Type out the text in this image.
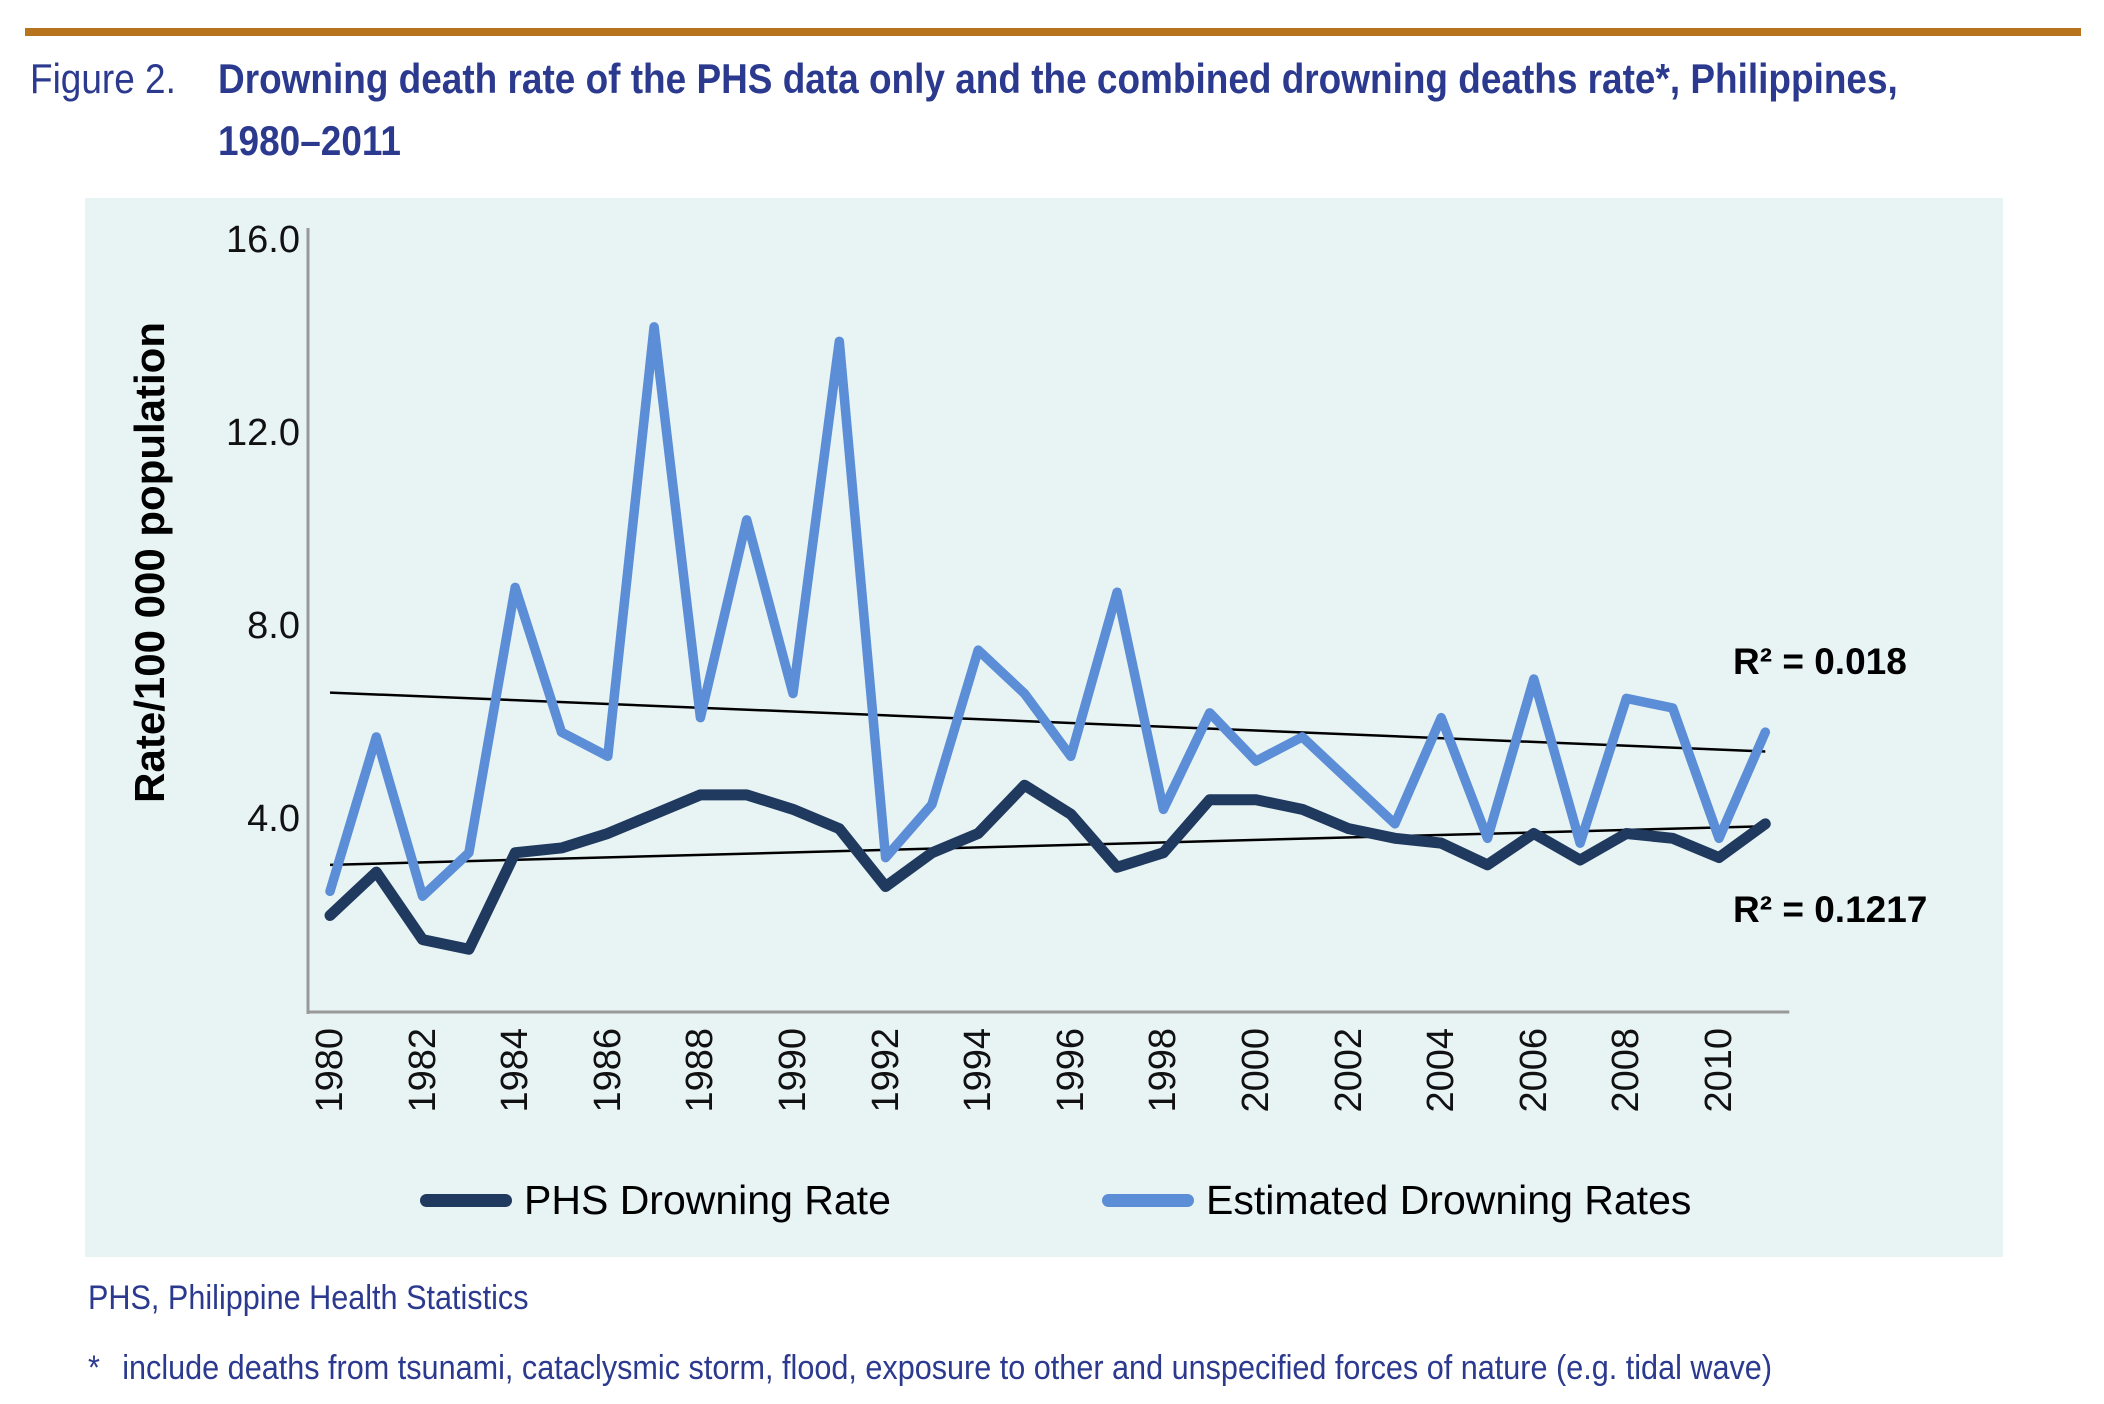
Figure 2. Drowning death rate of the PHS data only and the combined drowning deaths rate*, Philippines,
1980–2011
Rate/100 000 population
16.0
12.0
8.0
4.0
1980 1982 1984 1986 1988 1990 1992 1994 1996 1998 2000 2002 2004 2006 2008 2010
R² = 0.018
R² = 0.1217
PHS Drowning Rate	Estimated Drowning Rates
PHS, Philippine Health Statistics
* include deaths from tsunami, cataclysmic storm, flood, exposure to other and unspecified forces of nature (e.g. tidal wave)
